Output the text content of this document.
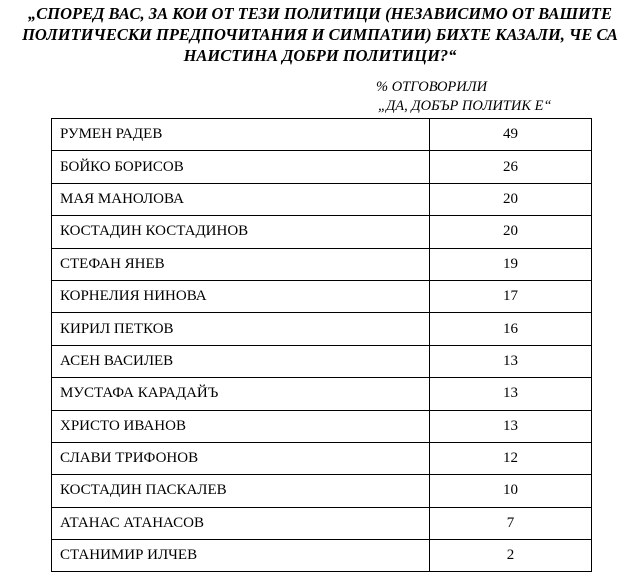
„СПОРЕД ВАС, ЗА КОИ ОТ ТЕЗИ ПОЛИТИЦИ (НЕЗАВИСИМО ОТ ВАШИТЕ
ПОЛИТИЧЕСКИ ПРЕДПОЧИТАНИЯ И СИМПАТИИ) БИХТЕ КАЗАЛИ, ЧЕ СА
НАИСТИНА ДОБРИ ПОЛИТИЦИ?“
% ОТГОВОРИЛИ
„ДА, ДОБЪР ПОЛИТИК Е“
РУМЕН РАДЕВ	49
БОЙКО БОРИСОВ	26
МАЯ МАНОЛОВА	20
КОСТАДИН КОСТАДИНОВ	20
СТЕФАН ЯНЕВ	19
КОРНЕЛИЯ НИНОВА	17
КИРИЛ ПЕТКОВ	16
АСЕН ВАСИЛЕВ	13
МУСТАФА КАРАДАЙЪ	13
ХРИСТО ИВАНОВ	13
СЛАВИ ТРИФОНОВ	12
КОСТАДИН ПАСКАЛЕВ	10
АТАНАС АТАНАСОВ	7
СТАНИМИР ИЛЧЕВ	2
